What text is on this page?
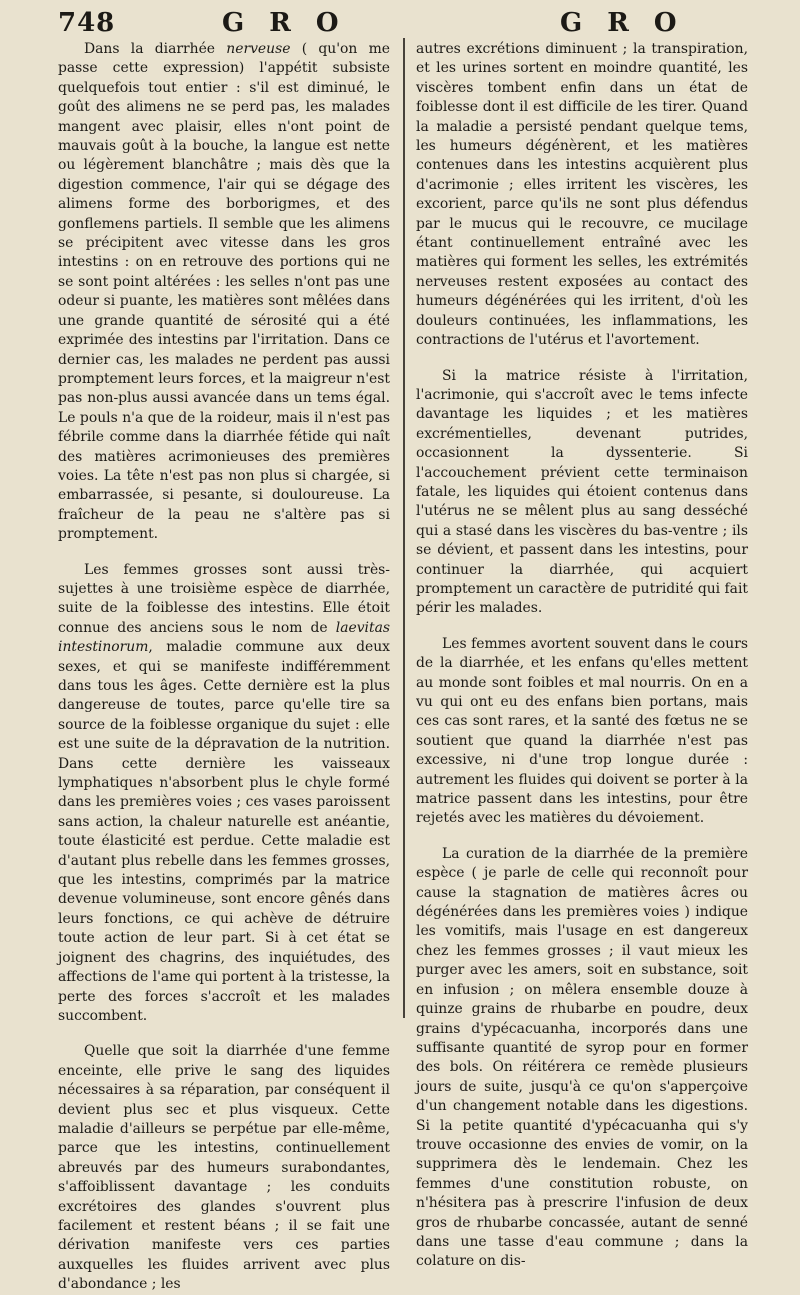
748	G R O	G R O

Dans la diarrhée nerveuse ( qu'on me passe cette expression) l'appétit subsiste quelquefois tout entier : s'il est diminué, le goût des alimens ne se perd pas, les malades mangent avec plaisir, elles n'ont point de mauvais goût à la bouche, la langue est nette ou légèrement blanchâtre ; mais dès que la digestion commence, l'air qui se dégage des alimens forme des borborigmes, et des gonflemens partiels. Il semble que les alimens se précipitent avec vitesse dans les gros intestins : on en retrouve des portions qui ne se sont point altérées : les selles n'ont pas une odeur si puante, les matières sont mêlées dans une grande quantité de sérosité qui a été exprimée des intestins par l'irritation. Dans ce dernier cas, les malades ne perdent pas aussi promptement leurs forces, et la maigreur n'est pas non-plus aussi avancée dans un tems égal. Le pouls n'a que de la roideur, mais il n'est pas fébrile comme dans la diarrhée fétide qui naît des matières acrimonieuses des premières voies. La tête n'est pas non plus si chargée, si embarrassée, si pesante, si douloureuse. La fraîcheur de la peau ne s'altère pas si promptement.

Les femmes grosses sont aussi très-sujettes à une troisième espèce de diarrhée, suite de la foiblesse des intestins. Elle étoit connue des anciens sous le nom de laevitas intestinorum, maladie commune aux deux sexes, et qui se manifeste indifféremment dans tous les âges. Cette dernière est la plus dangereuse de toutes, parce qu'elle tire sa source de la foiblesse organique du sujet : elle est une suite de la dépravation de la nutrition. Dans cette dernière les vaisseaux lymphatiques n'absorbent plus le chyle formé dans les premières voies ; ces vases paroissent sans action, la chaleur naturelle est anéantie, toute élasticité est perdue. Cette maladie est d'autant plus rebelle dans les femmes grosses, que les intestins, comprimés par la matrice devenue volumineuse, sont encore gênés dans leurs fonctions, ce qui achève de détruire toute action de leur part. Si à cet état se joignent des chagrins, des inquiétudes, des affections de l'ame qui portent à la tristesse, la perte des forces s'accroît et les malades succombent.

Quelle que soit la diarrhée d'une femme enceinte, elle prive le sang des liquides nécessaires à sa réparation, par conséquent il devient plus sec et plus visqueux. Cette maladie d'ailleurs se perpétue par elle-même, parce que les intestins, continuellement abreuvés par des humeurs surabondantes, s'affoiblissent davantage ; les conduits excrétoires des glandes s'ouvrent plus facilement et restent béans ; il se fait une dérivation manifeste vers ces parties auxquelles les fluides arrivent avec plus d'abondance ; les

autres excrétions diminuent ; la transpiration, et les urines sortent en moindre quantité, les viscères tombent enfin dans un état de foiblesse dont il est difficile de les tirer. Quand la maladie a persisté pendant quelque tems, les humeurs dégénèrent, et les matières contenues dans les intestins acquièrent plus d'acrimonie ; elles irritent les viscères, les excorient, parce qu'ils ne sont plus défendus par le mucus qui le recouvre, ce mucilage étant continuellement entraîné avec les matières qui forment les selles, les extrémités nerveuses restent exposées au contact des humeurs dégénérées qui les irritent, d'où les douleurs continuées, les inflammations, les contractions de l'utérus et l'avortement.

Si la matrice résiste à l'irritation, l'acrimonie, qui s'accroît avec le tems infecte davantage les liquides ; et les matières excrémentielles, devenant putrides, occasionnent la dyssenterie. Si l'accouchement prévient cette terminaison fatale, les liquides qui étoient contenus dans l'utérus ne se mêlent plus au sang desséché qui a stasé dans les viscères du bas-ventre ; ils se dévient, et passent dans les intestins, pour continuer la diarrhée, qui acquiert promptement un caractère de putridité qui fait périr les malades.

Les femmes avortent souvent dans le cours de la diarrhée, et les enfans qu'elles mettent au monde sont foibles et mal nourris. On en a vu qui ont eu des enfans bien portans, mais ces cas sont rares, et la santé des fœtus ne se soutient que quand la diarrhée n'est pas excessive, ni d'une trop longue durée : autrement les fluides qui doivent se porter à la matrice passent dans les intestins, pour être rejetés avec les matières du dévoiement.

La curation de la diarrhée de la première espèce ( je parle de celle qui reconnoît pour cause la stagnation de matières âcres ou dégénérées dans les premières voies ) indique les vomitifs, mais l'usage en est dangereux chez les femmes grosses ; il vaut mieux les purger avec les amers, soit en substance, soit en infusion ; on mêlera ensemble douze à quinze grains de rhubarbe en poudre, deux grains d'ypécacuanha, incorporés dans une suffisante quantité de syrop pour en former des bols. On réitérera ce remède plusieurs jours de suite, jusqu'à ce qu'on s'apperçoive d'un changement notable dans les digestions. Si la petite quantité d'ypécacuanha qui s'y trouve occasionne des envies de vomir, on la supprimera dès le lendemain. Chez les femmes d'une constitution robuste, on n'hésitera pas à prescrire l'infusion de deux gros de rhubarbe concassée, autant de senné dans une tasse d'eau commune ; dans la colature on dis-
